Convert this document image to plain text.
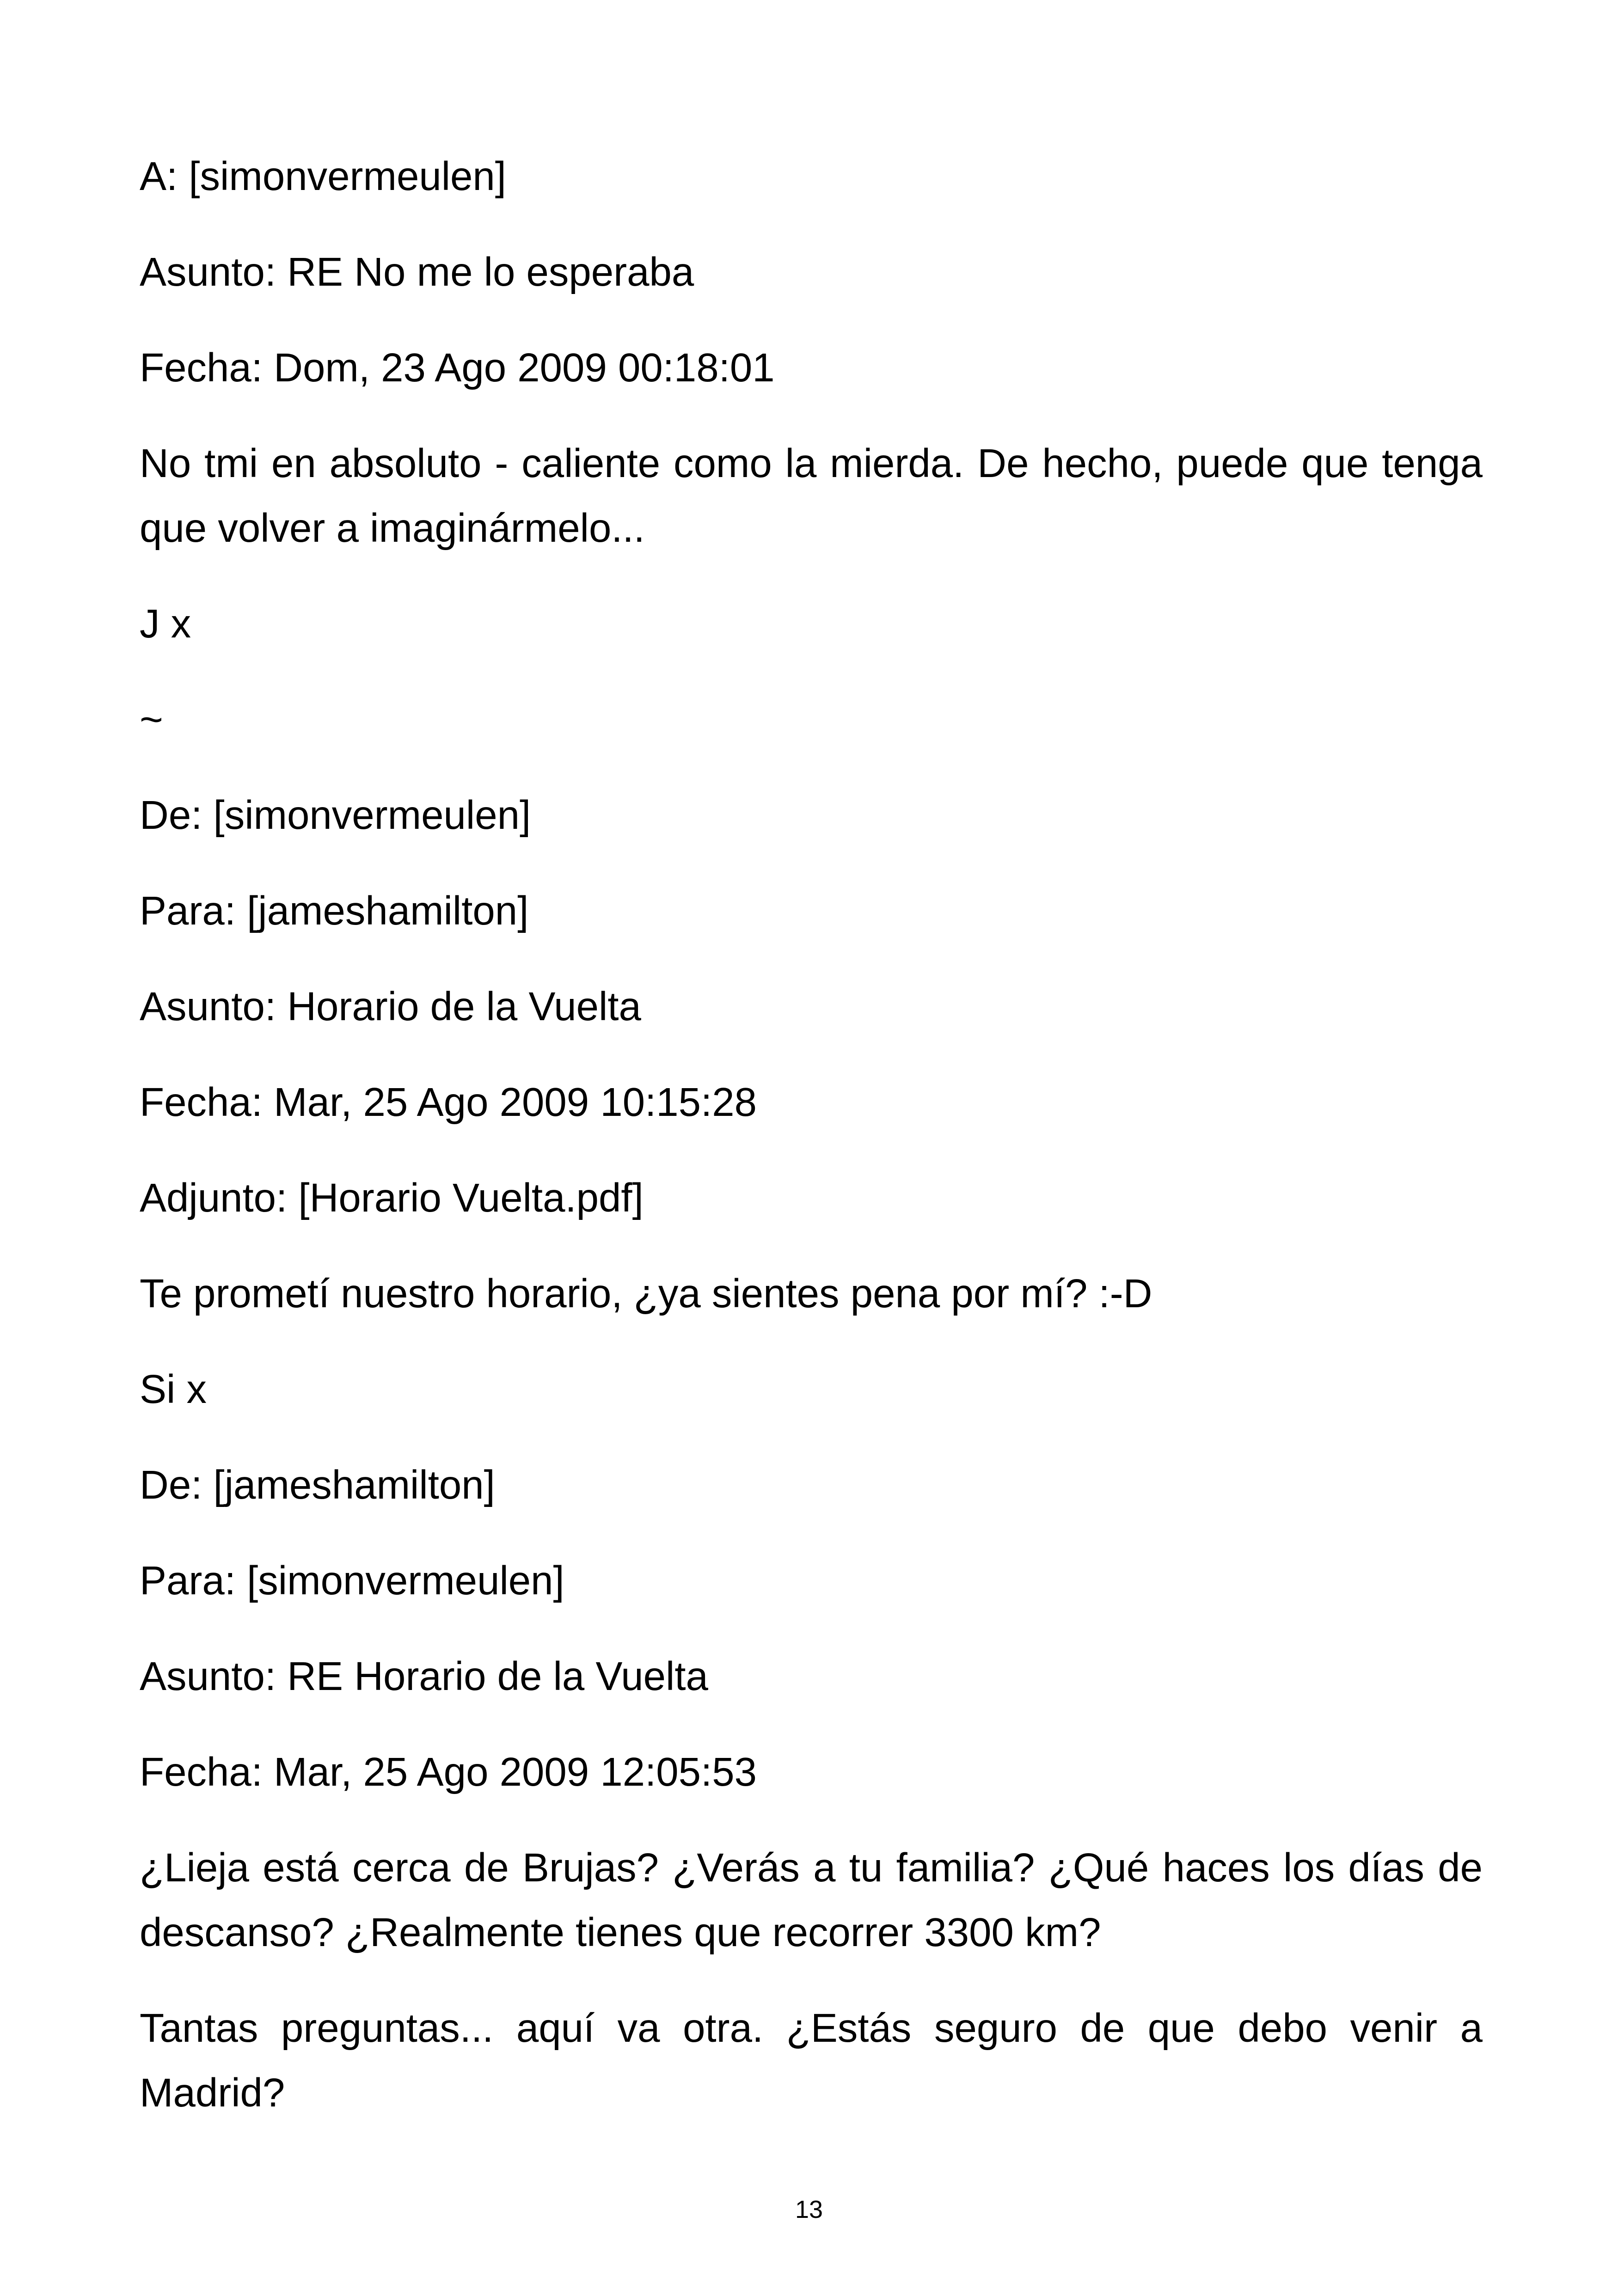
A: [simonvermeulen]

Asunto: RE No me lo esperaba

Fecha: Dom, 23 Ago 2009 00:18:01

No tmi en absoluto - caliente como la mierda. De hecho, puede que tenga que volver a imaginármelo...

J x

~

De: [simonvermeulen]

Para: [jameshamilton]

Asunto: Horario de la Vuelta

Fecha: Mar, 25 Ago 2009 10:15:28

Adjunto: [Horario Vuelta.pdf]

Te prometí nuestro horario, ¿ya sientes pena por mí? :-D

Si x

De: [jameshamilton]

Para: [simonvermeulen]

Asunto: RE Horario de la Vuelta

Fecha: Mar, 25 Ago 2009 12:05:53

¿Lieja está cerca de Brujas? ¿Verás a tu familia? ¿Qué haces los días de descanso? ¿Realmente tienes que recorrer 3300 km?

Tantas preguntas... aquí va otra. ¿Estás seguro de que debo venir a Madrid?

13
